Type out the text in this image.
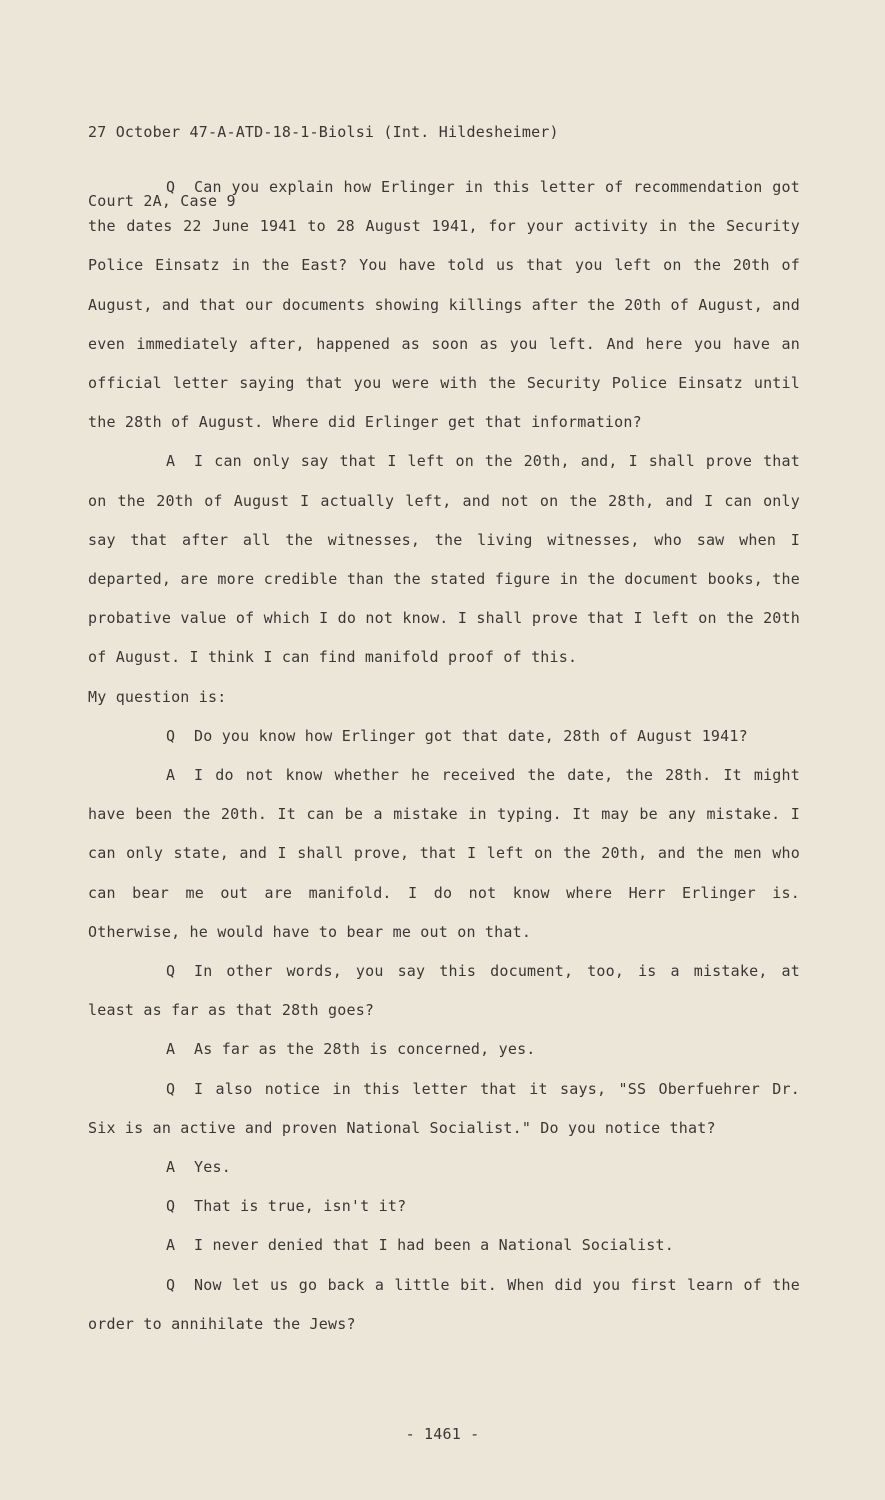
27 October 47-A-ATD-18-1-Biolsi (Int. Hildesheimer)

Court 2A, Case 9

Q Can you explain how Erlinger in this letter of recommendation got the dates 22 June 1941 to 28 August 1941, for your activity in the Security Police Einsatz in the East? You have told us that you left on the 20th of August, and that our documents showing killings after the 20th of August, and even immediately after, happened as soon as you left. And here you have an official letter saying that you were with the Security Police Einsatz until the 28th of August. Where did Erlinger get that information?

A I can only say that I left on the 20th, and, I shall prove that on the 20th of August I actually left, and not on the 28th, and I can only say that after all the witnesses, the living witnesses, who saw when I departed, are more credible than the stated figure in the document books, the probative value of which I do not know. I shall prove that I left on the 20th of August. I think I can find manifold proof of this.

My question is:

Q Do you know how Erlinger got that date, 28th of August 1941?

A I do not know whether he received the date, the 28th. It might have been the 20th. It can be a mistake in typing. It may be any mistake. I can only state, and I shall prove, that I left on the 20th, and the men who can bear me out are manifold. I do not know where Herr Erlinger is. Otherwise, he would have to bear me out on that.

Q In other words, you say this document, too, is a mistake, at least as far as that 28th goes?

A As far as the 28th is concerned, yes.

Q I also notice in this letter that it says, "SS Oberfuehrer Dr. Six is an active and proven National Socialist." Do you notice that?

A Yes.

Q That is true, isn't it?

A I never denied that I had been a National Socialist.

Q Now let us go back a little bit. When did you first learn of the order to annihilate the Jews?

- 1461 -
